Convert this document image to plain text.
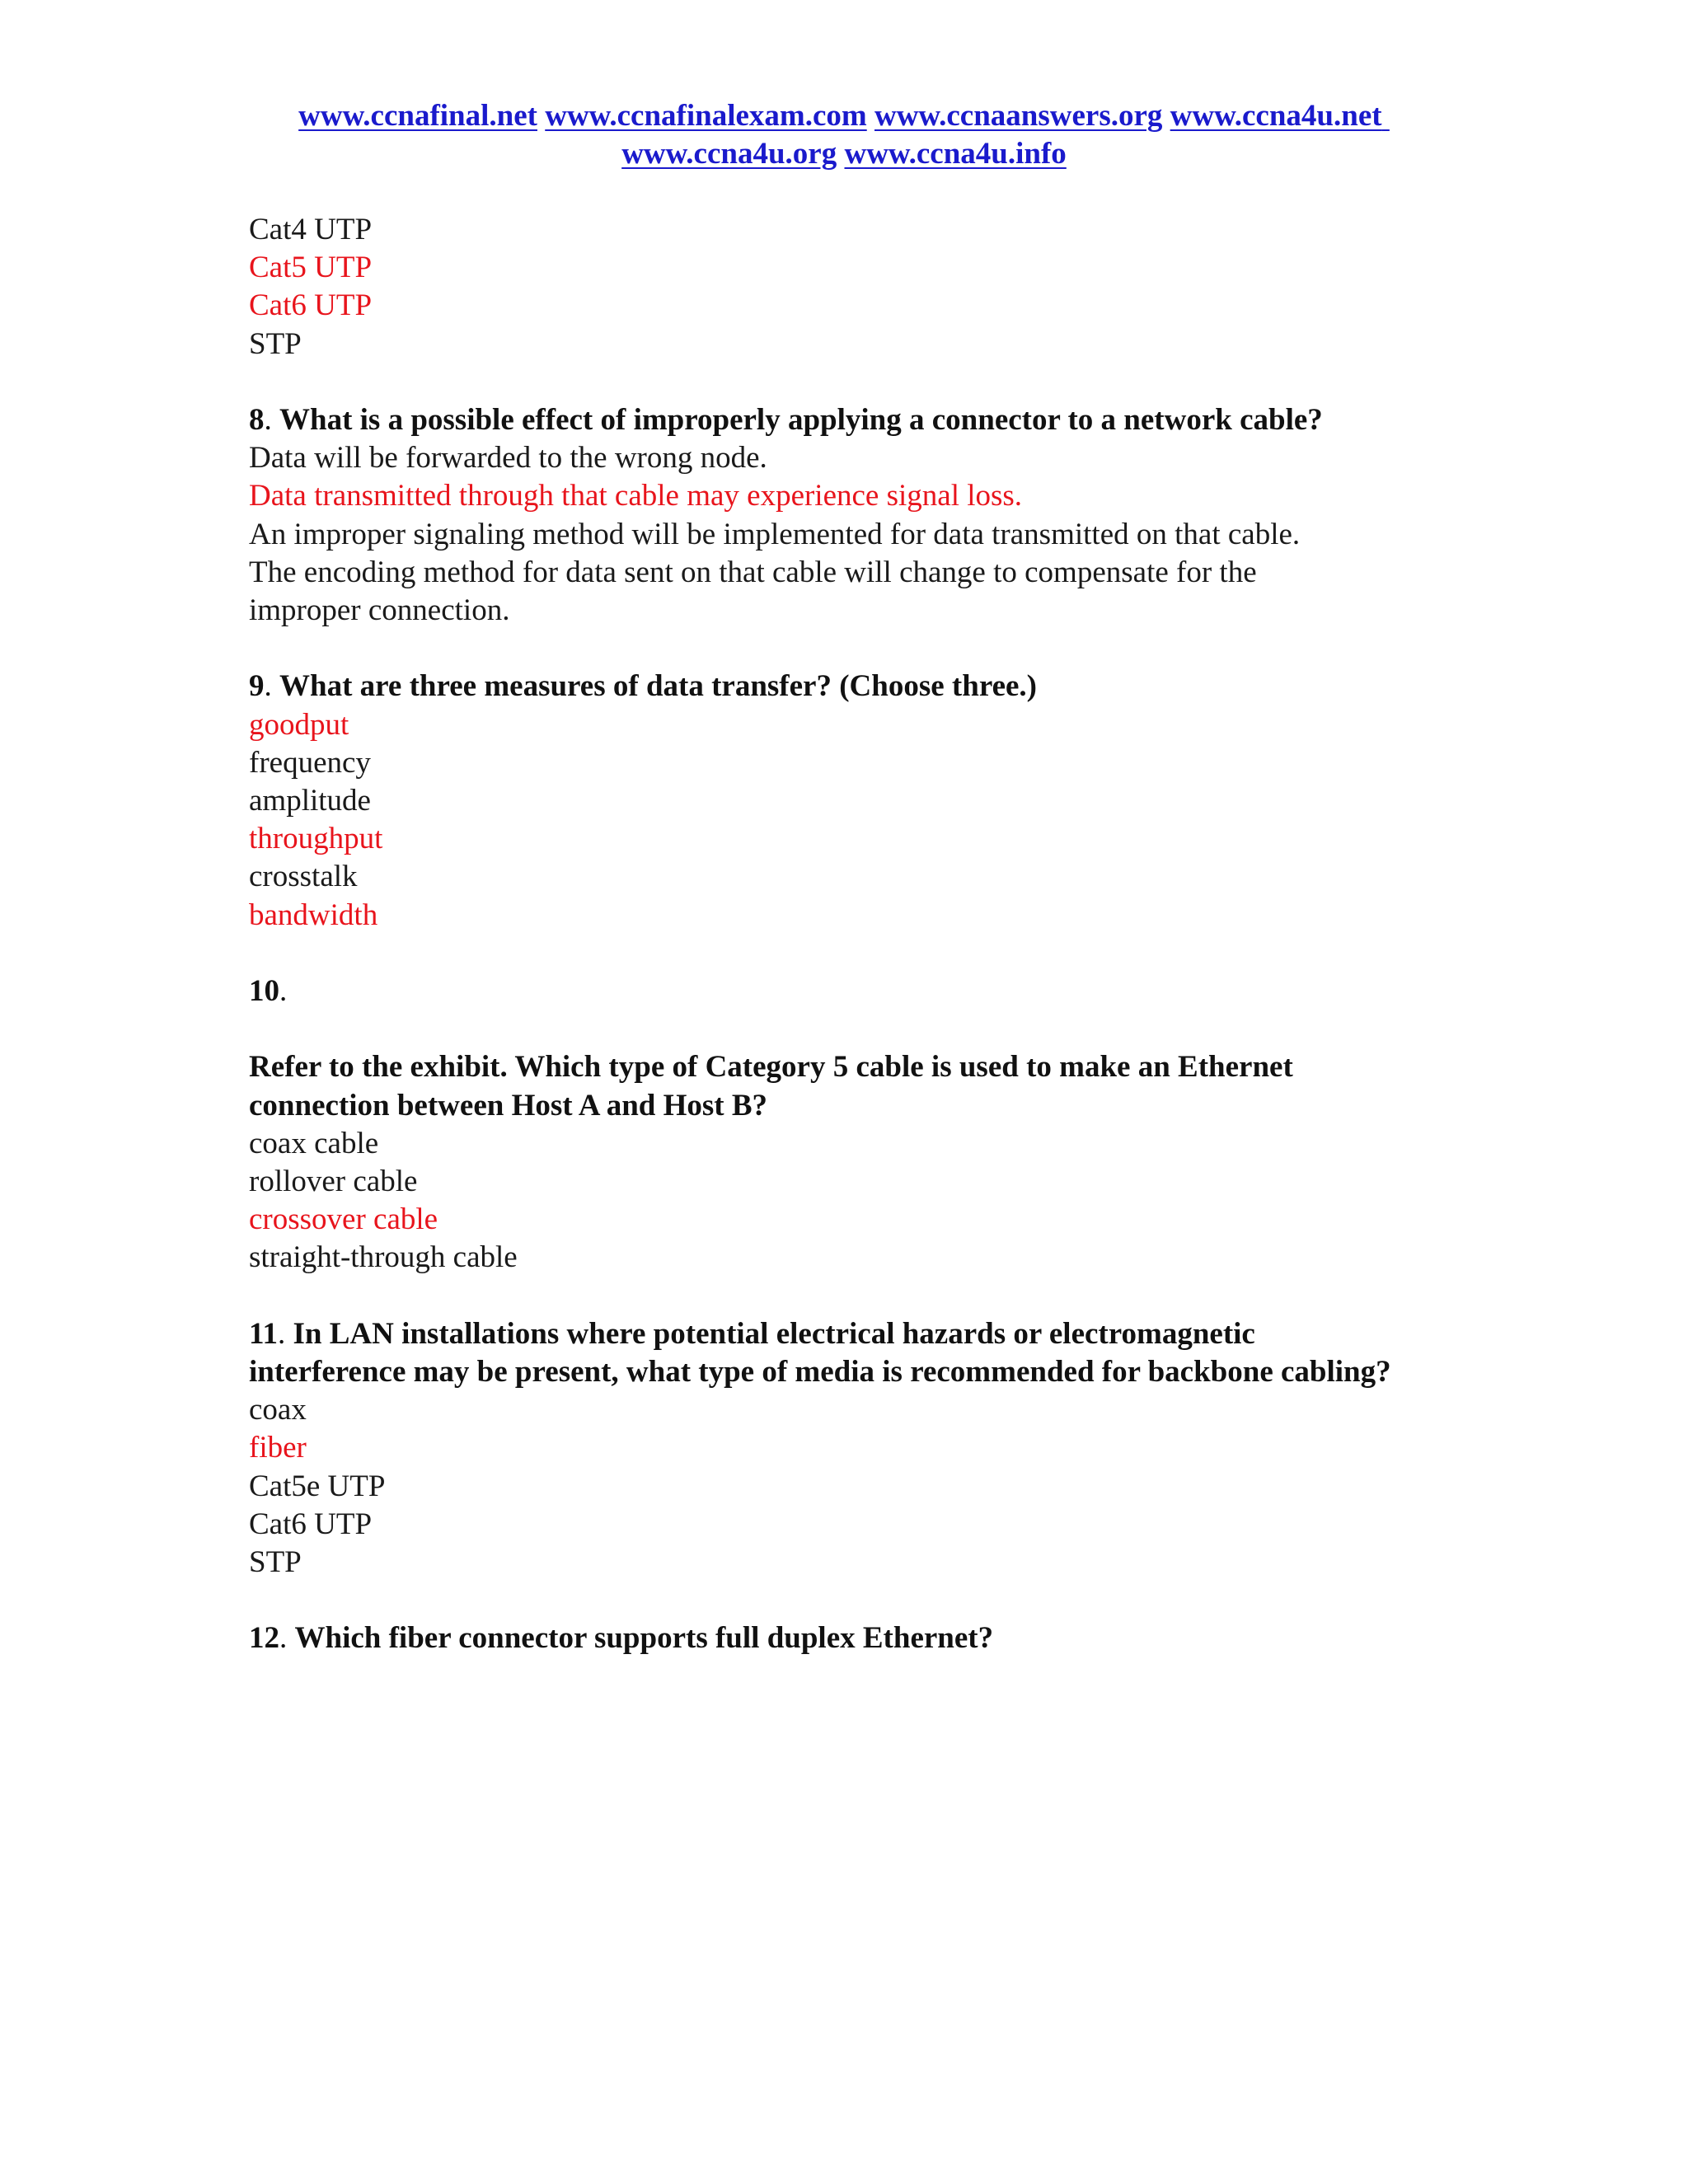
www.ccnafinal.net www.ccnafinalexam.com www.ccnaanswers.org www.ccna4u.net
www.ccna4u.org www.ccna4u.info
Cat4 UTP
Cat5 UTP
Cat6 UTP
STP
8. What is a possible effect of improperly applying a connector to a network cable?
Data will be forwarded to the wrong node.
Data transmitted through that cable may experience signal loss.
An improper signaling method will be implemented for data transmitted on that cable.
The encoding method for data sent on that cable will change to compensate for the improper connection.
9. What are three measures of data transfer? (Choose three.)
goodput
frequency
amplitude
throughput
crosstalk
bandwidth
10.
Refer to the exhibit. Which type of Category 5 cable is used to make an Ethernet connection between Host A and Host B?
coax cable
rollover cable
crossover cable
straight-through cable
11. In LAN installations where potential electrical hazards or electromagnetic interference may be present, what type of media is recommended for backbone cabling?
coax
fiber
Cat5e UTP
Cat6 UTP
STP
12. Which fiber connector supports full duplex Ethernet?
